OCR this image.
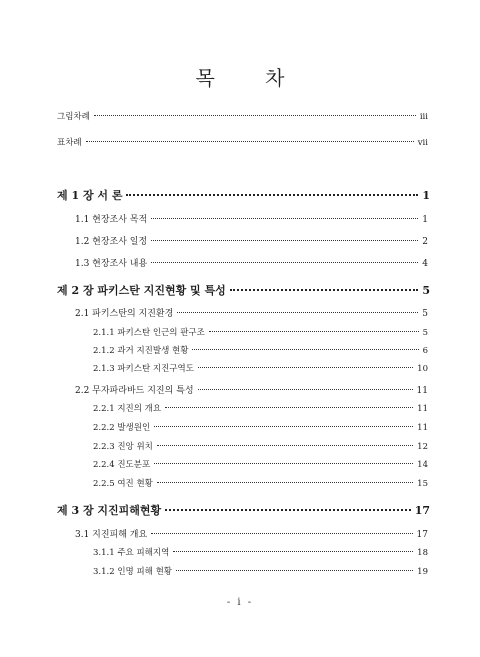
목 차
그림차례	iii
표차례	vii
제 1 장 서 론	1
1.1 현장조사 목적	1
1.2 현장조사 일정	2
1.3 현장조사 내용	4
제 2 장 파키스탄 지진현황 및 특성	5
2.1 파키스탄의 지진환경	5
2.1.1 파키스탄 인근의 판구조	5
2.1.2 과거 지진발생 현황	6
2.1.3 파키스탄 지진구역도	10
2.2 무자파라바드 지진의 특성	11
2.2.1 지진의 개요	11
2.2.2 발생원인	11
2.2.3 진앙 위치	12
2.2.4 진도분포	14
2.2.5 여진 현황	15
제 3 장 지진피해현황	17
3.1 지진피해 개요	17
3.1.1 주요 피해지역	18
3.1.2 인명 피해 현황	19
- i -
